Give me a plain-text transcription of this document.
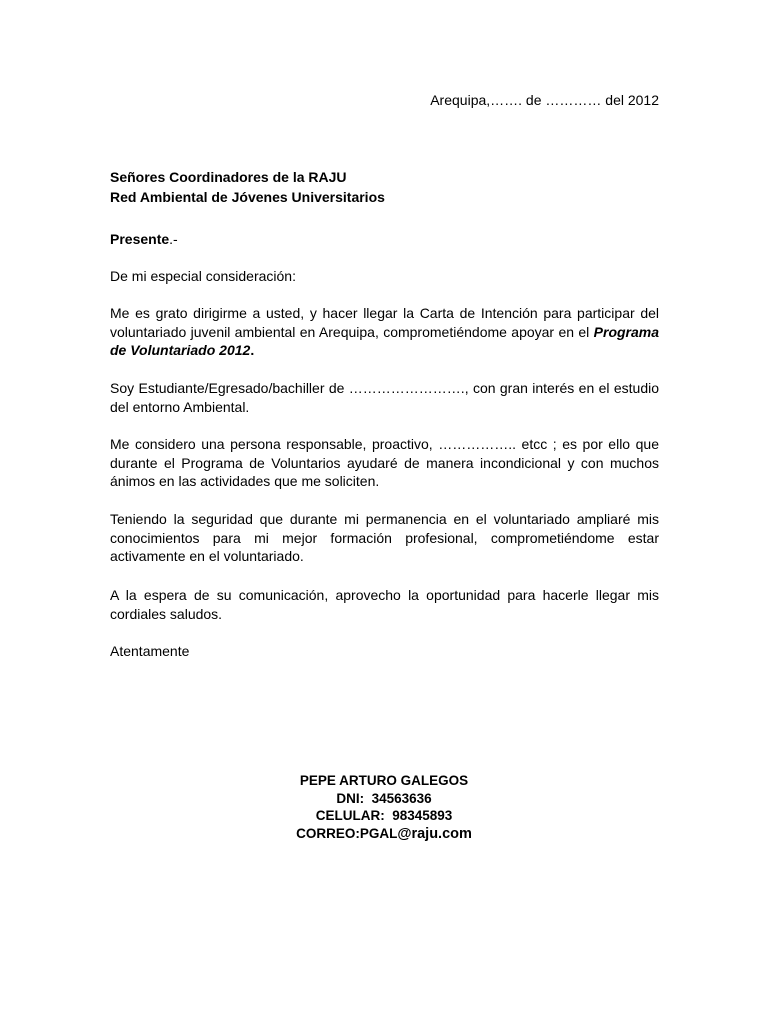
Arequipa,……. de ………… del 2012

Señores Coordinadores de la RAJU
Red Ambiental de Jóvenes Universitarios

Presente.-

De mi especial consideración:

Me es grato dirigirme a usted, y hacer llegar la Carta de Intención para participar del voluntariado juvenil ambiental en Arequipa, comprometiéndome apoyar en el Programa de Voluntariado 2012.

Soy Estudiante/Egresado/bachiller de ……………………., con gran interés en el estudio del entorno Ambiental.

Me considero una persona responsable, proactivo, …………….. etcc ; es por ello que durante el Programa de Voluntarios ayudaré de manera incondicional y con muchos ánimos en las actividades que me soliciten.

Teniendo la seguridad que durante mi permanencia en el voluntariado ampliaré mis conocimientos para mi mejor formación profesional, comprometiéndome estar activamente en el voluntariado.

A la espera de su comunicación, aprovecho la oportunidad para hacerle llegar mis cordiales saludos.

Atentamente

PEPE ARTURO GALEGOS
DNI:  34563636
CELULAR:  98345893
CORREO:PGAL@raju.com
